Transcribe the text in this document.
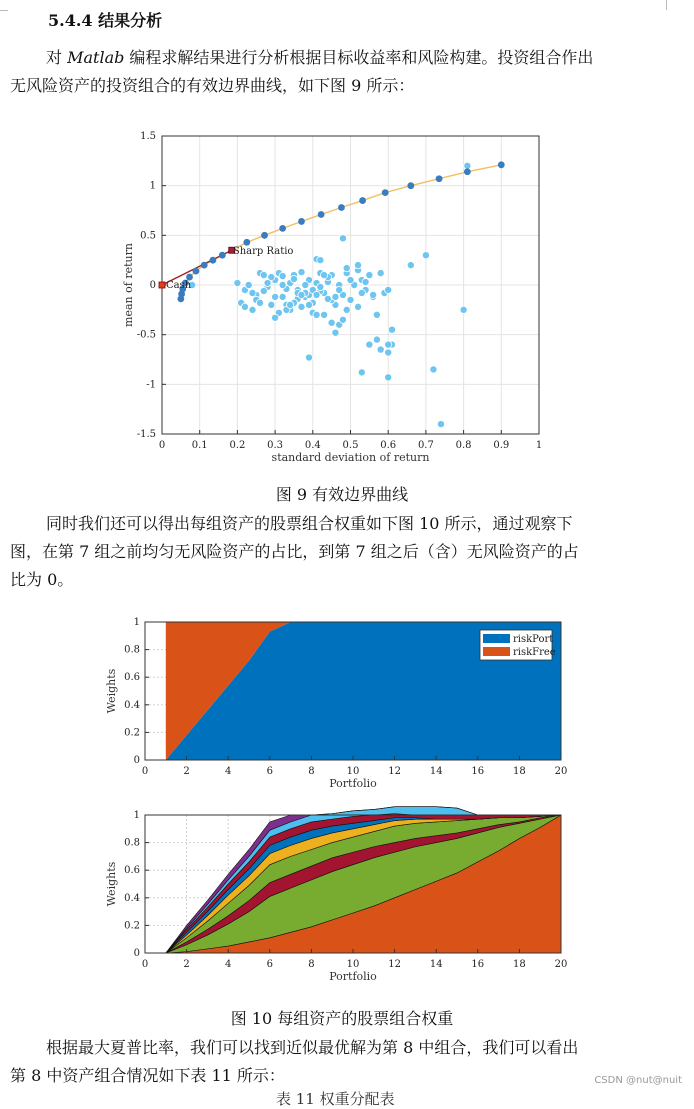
5.4.4 结果分析

对 Matlab 编程求解结果进行分析根据目标收益率和风险构建。投资组合作出
无风险资产的投资组合的有效边界曲线，如下图 9 所示：

0	0.1 0.2 0.3 0.4 0.5 0.6 0.7 0.8 0.9	1
1.5
1
0.5
0
-0.5
-1
-1.5
standard deviation of return
mean of return	Sharp Ratio
Cash
图 9 有效边界曲线

同时我们还可以得出每组资产的股票组合权重如下图 10 所示，通过观察下
图，在第 7 组之前均匀无风险资产的占比，到第 7 组之后（含）无风险资产的占
比为 0。

0	2	4	6	8	10	12	14	16	18	20
1
0.8
0.6
0.4
0.2
0
Portfolio
Weights
riskPort
riskFree
0	2	4	6	8	10	12	14	16	18	20
1
0.8
0.6
0.4
0.2
0
Portfolio
Weights
图 10 每组资产的股票组合权重

根据最大夏普比率，我们可以找到近似最优解为第 8 中组合，我们可以看出
第 8 中资产组合情况如下表 11 所示：

表 11 权重分配表
CSDN @nut@nuit
